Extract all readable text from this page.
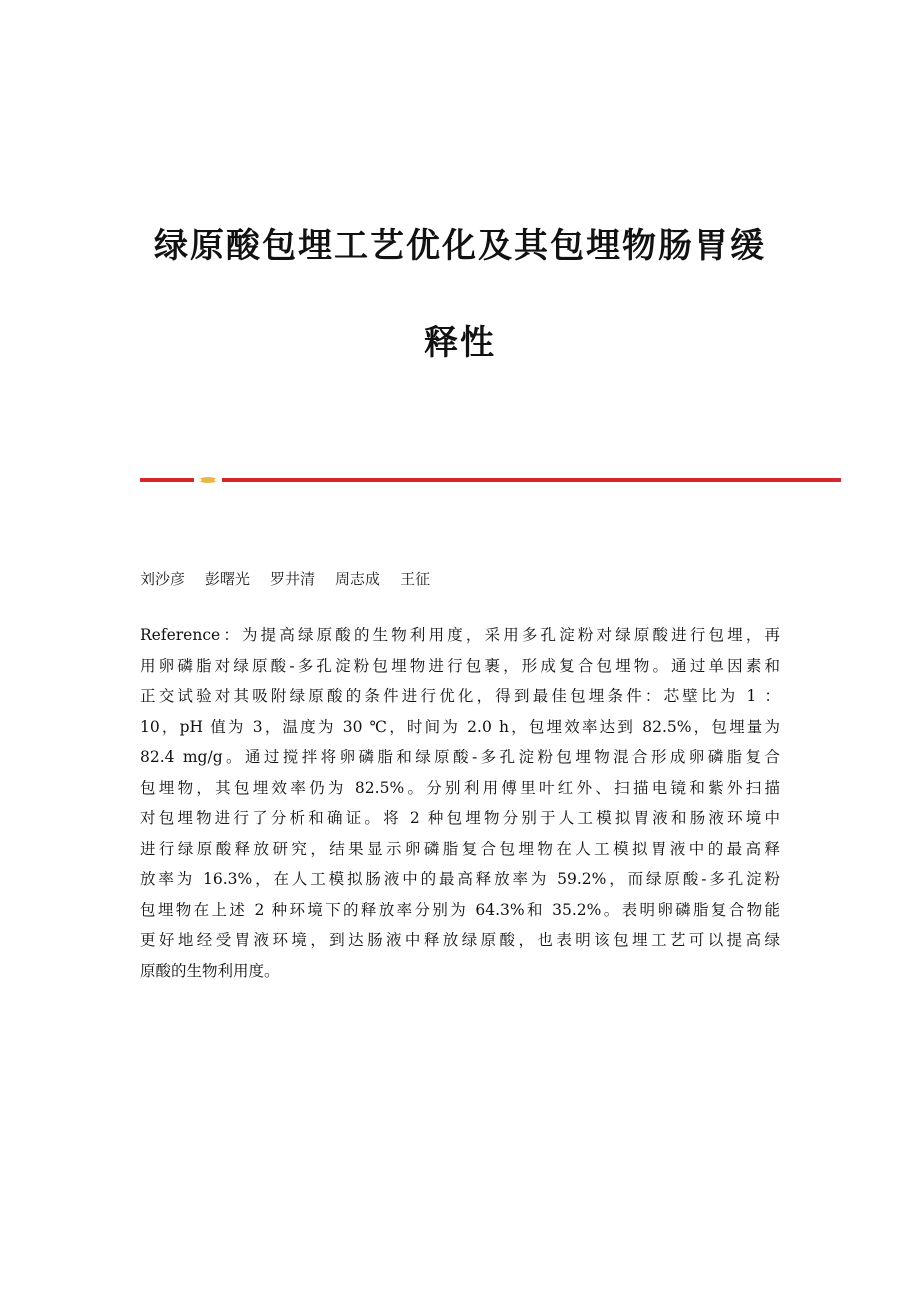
绿原酸包埋工艺优化及其包埋物肠胃缓
释性
刘沙彦 彭曙光 罗井清 周志成 王征
Reference：为提高绿原酸的生物利用度，采用多孔淀粉对绿原酸进行包埋，再
用卵磷脂对绿原酸-多孔淀粉包埋物进行包裹，形成复合包埋物。通过单因素和
正交试验对其吸附绿原酸的条件进行优化，得到最佳包埋条件：芯壁比为 1 ：
10，pH 值为 3，温度为 30 ℃，时间为 2.0 h，包埋效率达到 82.5%，包埋量为
82.4 mg/g。通过搅拌将卵磷脂和绿原酸-多孔淀粉包埋物混合形成卵磷脂复合
包埋物，其包埋效率仍为 82.5%。分别利用傅里叶红外、扫描电镜和紫外扫描
对包埋物进行了分析和确证。将 2 种包埋物分别于人工模拟胃液和肠液环境中
进行绿原酸释放研究，结果显示卵磷脂复合包埋物在人工模拟胃液中的最高释
放率为 16.3%，在人工模拟肠液中的最高释放率为 59.2%，而绿原酸-多孔淀粉
包埋物在上述 2 种环境下的释放率分别为 64.3%和 35.2%。表明卵磷脂复合物能
更好地经受胃液环境，到达肠液中释放绿原酸，也表明该包埋工艺可以提高绿
原酸的生物利用度。
